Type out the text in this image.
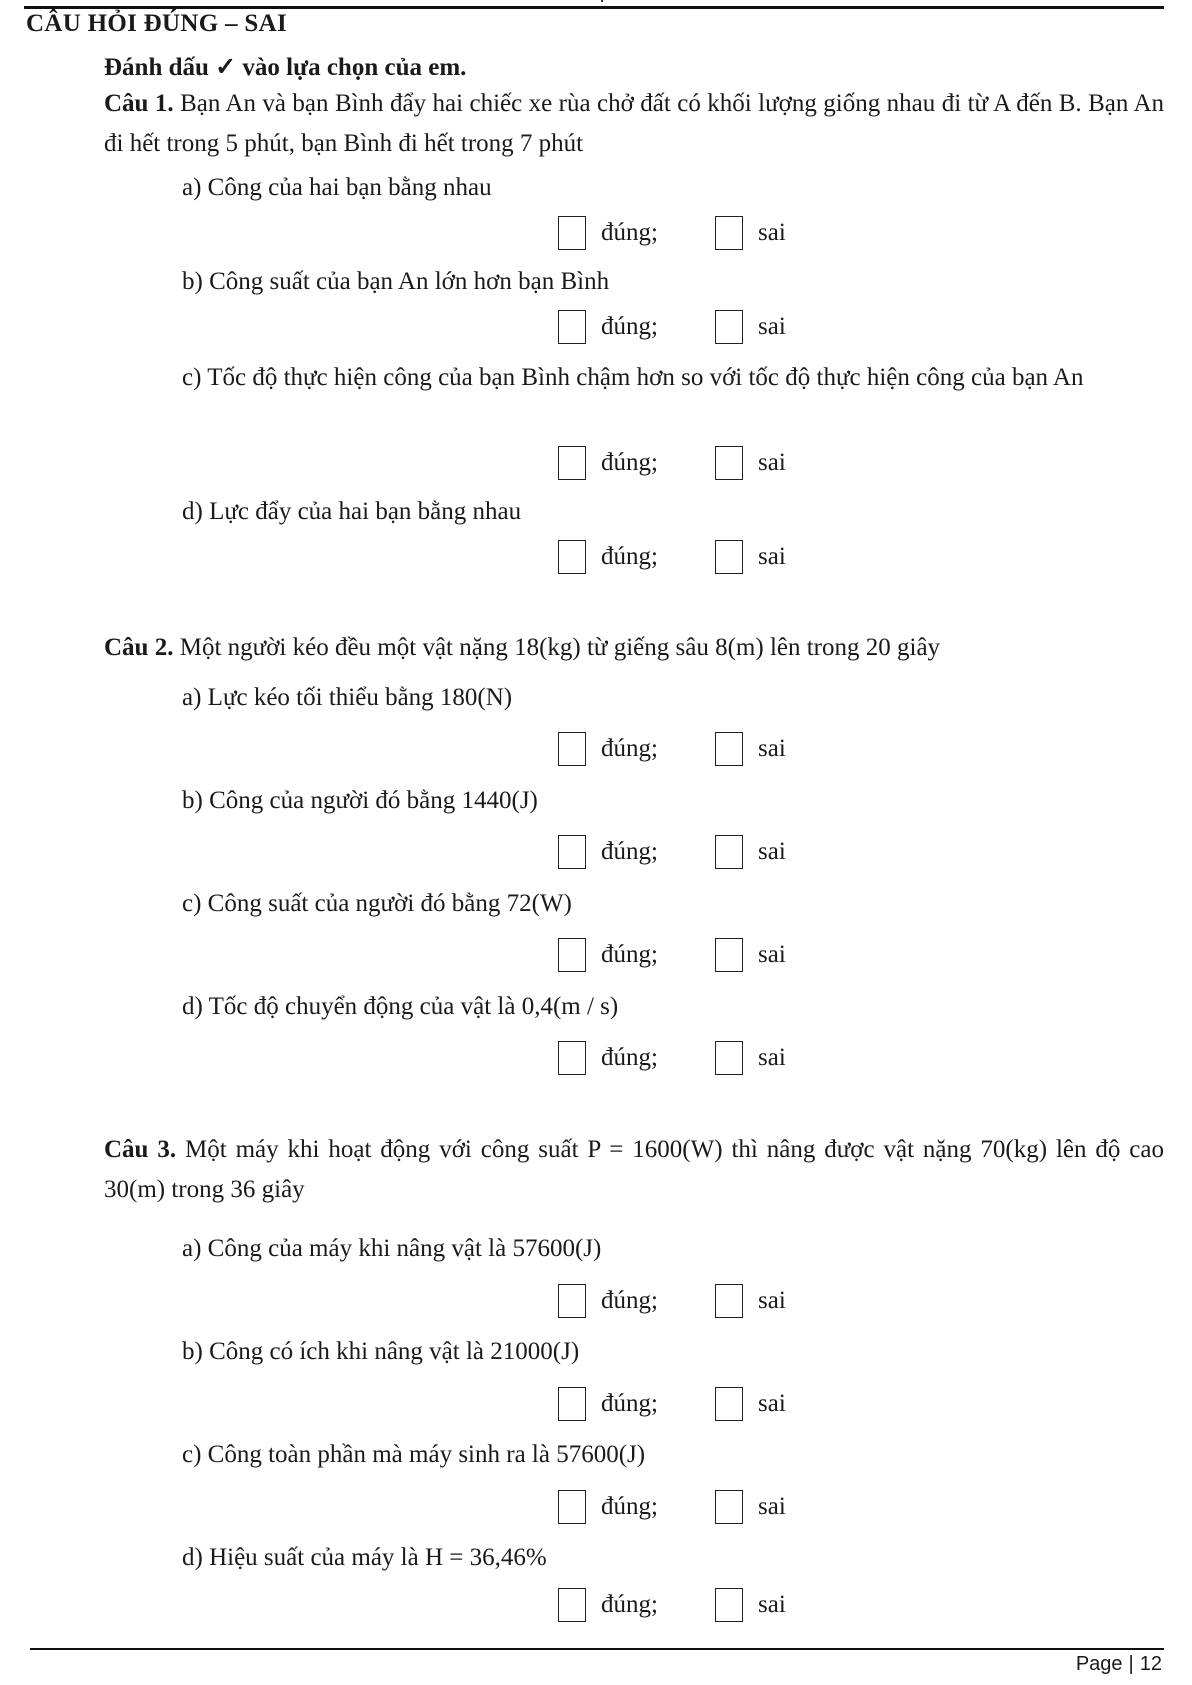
CÂU HỎI ĐÚNG – SAI
Đánh dấu ✓ vào lựa chọn của em.
Câu 1. Bạn An và bạn Bình đẩy hai chiếc xe rùa chở đất có khối lượng giống nhau đi từ A đến B. Bạn An đi hết trong 5 phút, bạn Bình đi hết trong 7 phút
a) Công của hai bạn bằng nhau
đúng;	sai
b) Công suất của bạn An lớn hơn bạn Bình
đúng;	sai
c) Tốc độ thực hiện công của bạn Bình chậm hơn so với tốc độ thực hiện công của bạn An
đúng;	sai
d) Lực đẩy của hai bạn bằng nhau
đúng;	sai
Câu 2. Một người kéo đều một vật nặng 18(kg) từ giếng sâu 8(m) lên trong 20 giây
a) Lực kéo tối thiểu bằng 180(N)
đúng;	sai
b) Công của người đó bằng 1440(J)
đúng;	sai
c) Công suất của người đó bằng 72(W)
đúng;	sai
d) Tốc độ chuyển động của vật là 0,4(m / s)
đúng;	sai
Câu 3. Một máy khi hoạt động với công suất P = 1600(W) thì nâng được vật nặng 70(kg) lên độ cao 30(m) trong 36 giây
a) Công của máy khi nâng vật là 57600(J)
đúng;	sai
b) Công có ích khi nâng vật là 21000(J)
đúng;	sai
c) Công toàn phần mà máy sinh ra là 57600(J)
đúng;	sai
d) Hiệu suất của máy là H = 36,46%
đúng;	sai
Page | 12
